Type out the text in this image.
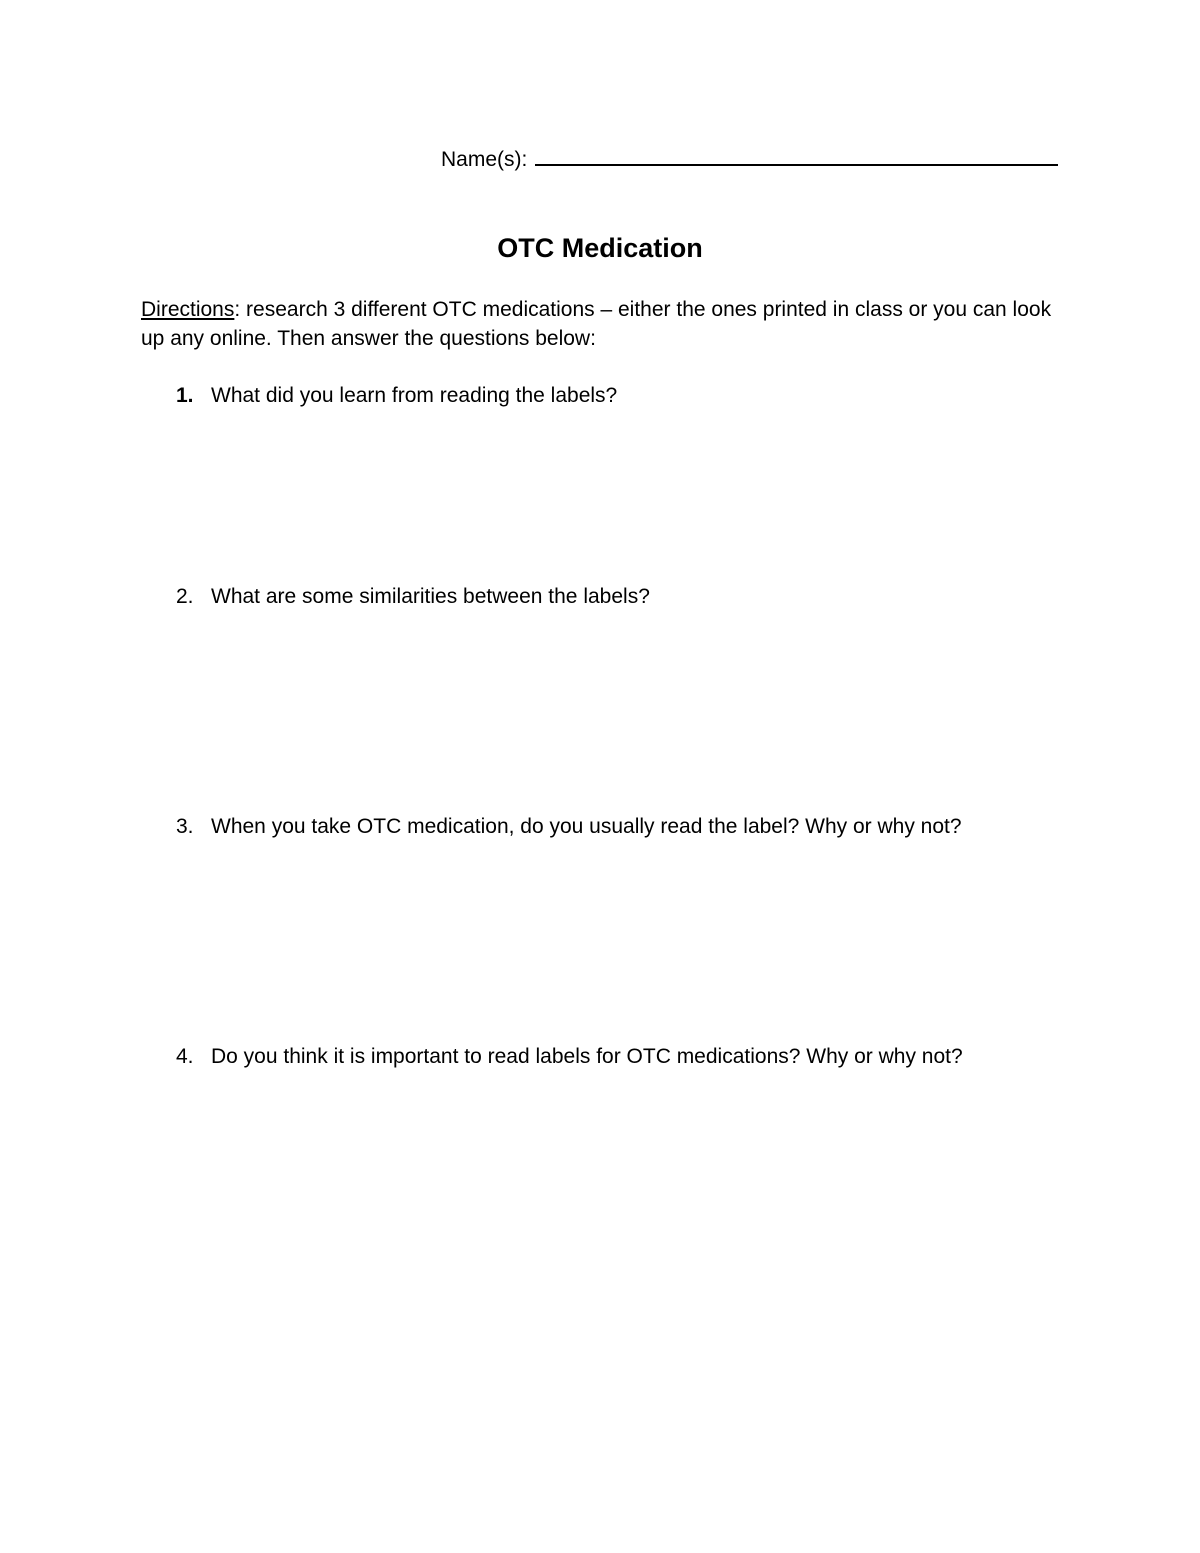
Name(s):
OTC Medication
Directions: research 3 different OTC medications – either the ones printed in class or you can look up any online. Then answer the questions below:
1. What did you learn from reading the labels?
2. What are some similarities between the labels?
3. When you take OTC medication, do you usually read the label? Why or why not?
4. Do you think it is important to read labels for OTC medications? Why or why not?
